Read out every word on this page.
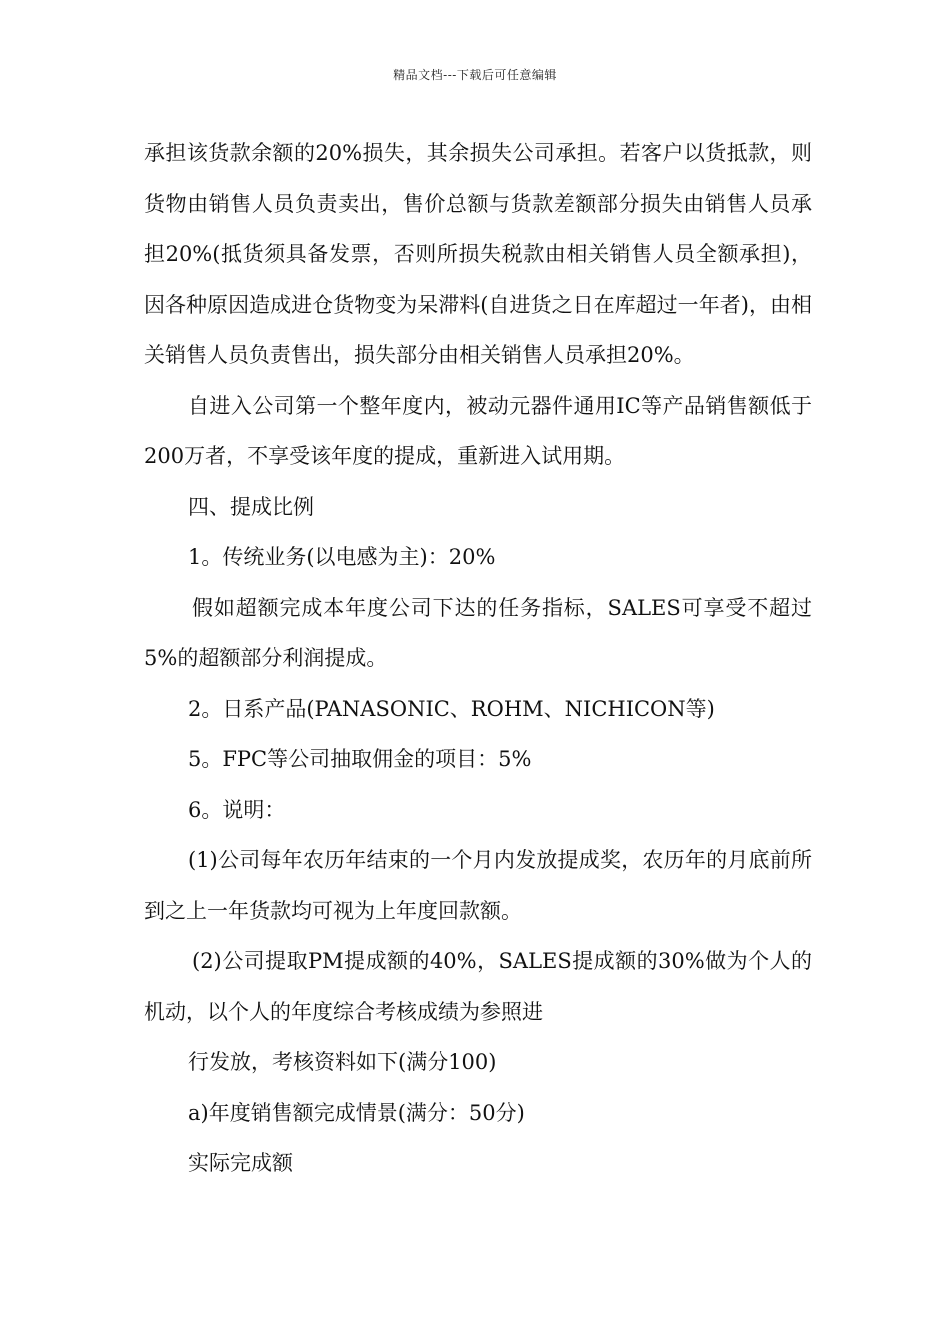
精品文档---下载后可任意编辑

承担该货款余额的20%损失，其余损失公司承担。若客户以货抵款，则货物由销售人员负责卖出，售价总额与货款差额部分损失由销售人员承担20%(抵货须具备发票，否则所损失税款由相关销售人员全额承担)，因各种原因造成进仓货物变为呆滞料(自进货之日在库超过一年者)，由相关销售人员负责售出，损失部分由相关销售人员承担20%。

自进入公司第一个整年度内，被动元器件通用IC等产品销售额低于200万者，不享受该年度的提成，重新进入试用期。

四、提成比例

1。传统业务(以电感为主)：20%

假如超额完成本年度公司下达的任务指标，SALES可享受不超过5%的超额部分利润提成。

2。日系产品(PANASONIC、ROHM、NICHICON等)

5。FPC等公司抽取佣金的项目：5%

6。说明：

(1)公司每年农历年结束的一个月内发放提成奖，农历年的月底前所到之上一年货款均可视为上年度回款额。

(2)公司提取PM提成额的40%，SALES提成额的30%做为个人的机动，以个人的年度综合考核成绩为参照进

行发放，考核资料如下(满分100)

a)年度销售额完成情景(满分：50分)

实际完成额
